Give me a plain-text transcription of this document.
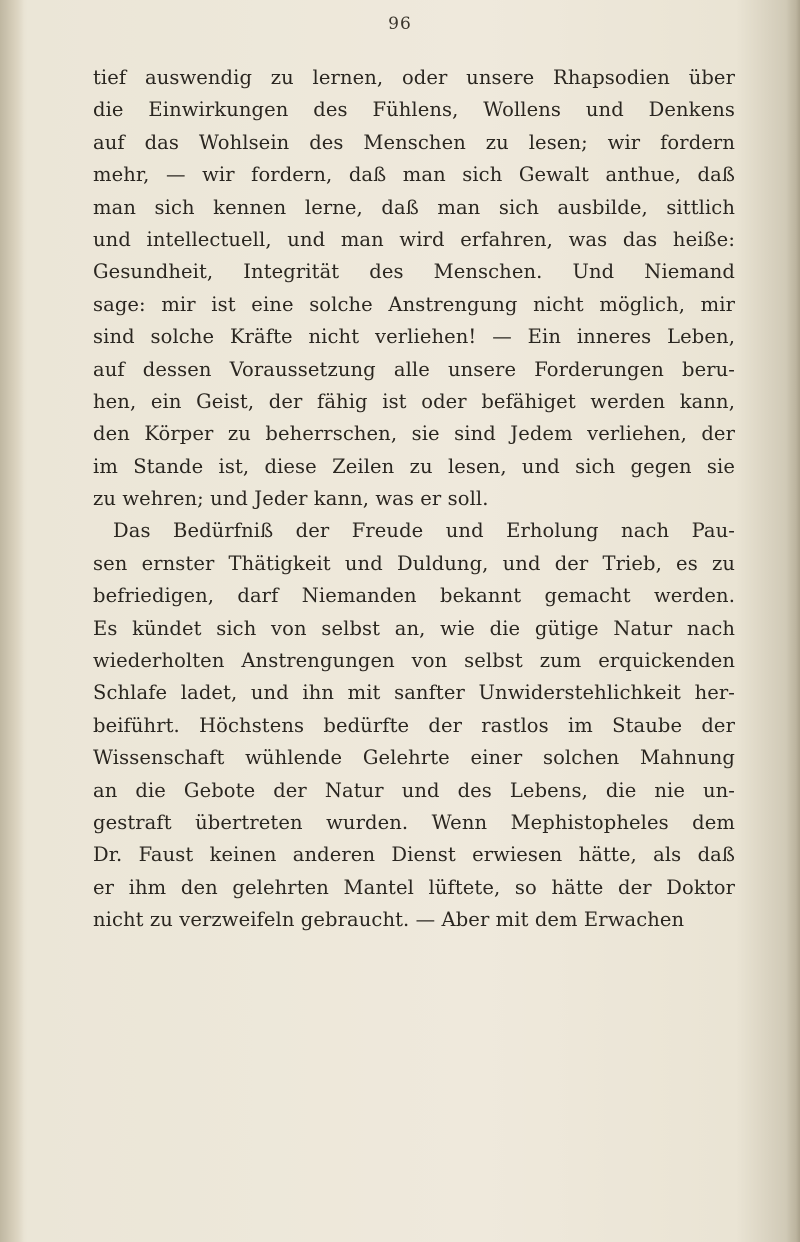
96
tief auswendig zu lernen, oder unsere Rhapsodien über
die Einwirkungen des Fühlens, Wollens und Denkens
auf das Wohlsein des Menschen zu lesen; wir fordern
mehr, — wir fordern, daß man sich Gewalt anthue, daß
man sich kennen lerne, daß man sich ausbilde, sittlich
und intellectuell, und man wird erfahren, was das heiße:
Gesundheit, Integrität des Menschen. Und Niemand
sage: mir ist eine solche Anstrengung nicht möglich, mir
sind solche Kräfte nicht verliehen! — Ein inneres Leben,
auf dessen Voraussetzung alle unsere Forderungen beru-
hen, ein Geist, der fähig ist oder befähiget werden kann,
den Körper zu beherrschen, sie sind Jedem verliehen, der
im Stande ist, diese Zeilen zu lesen, und sich gegen sie
zu wehren; und Jeder kann, was er soll.
Das Bedürfniß der Freude und Erholung nach Pau-
sen ernster Thätigkeit und Duldung, und der Trieb, es zu
befriedigen, darf Niemanden bekannt gemacht werden.
Es kündet sich von selbst an, wie die gütige Natur nach
wiederholten Anstrengungen von selbst zum erquickenden
Schlafe ladet, und ihn mit sanfter Unwiderstehlichkeit her-
beiführt. Höchstens bedürfte der rastlos im Staube der
Wissenschaft wühlende Gelehrte einer solchen Mahnung
an die Gebote der Natur und des Lebens, die nie un-
gestraft übertreten wurden. Wenn Mephistopheles dem
Dr. Faust keinen anderen Dienst erwiesen hätte, als daß
er ihm den gelehrten Mantel lüftete, so hätte der Doktor
nicht zu verzweifeln gebraucht. — Aber mit dem Erwachen
